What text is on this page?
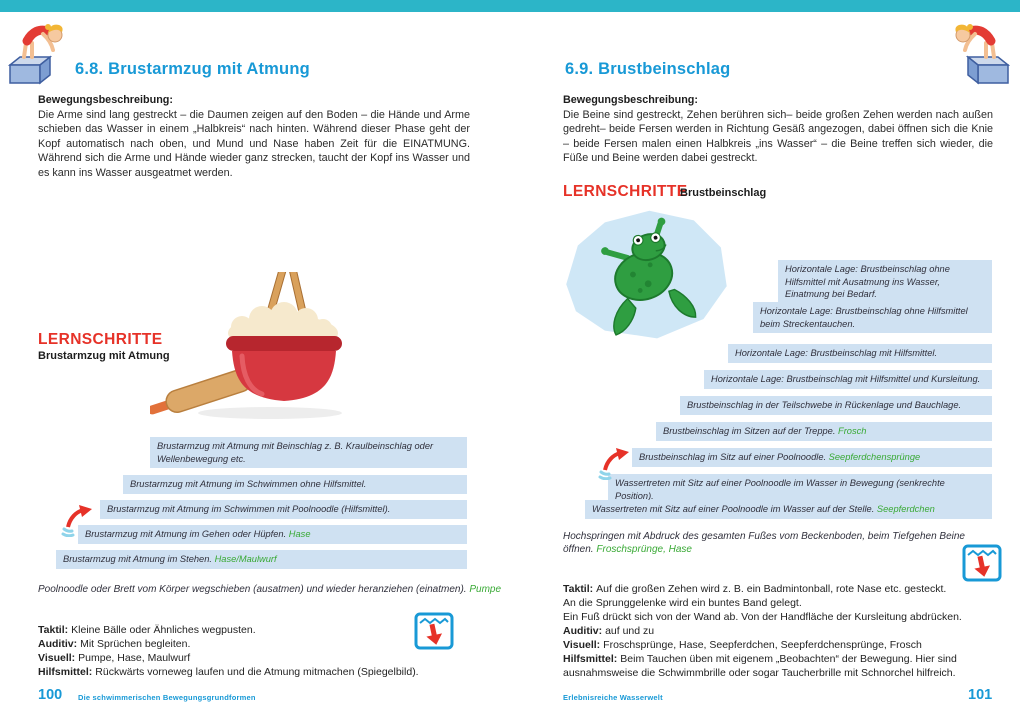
6.8. Brustarmzug mit Atmung
Bewegungsbeschreibung:
Die Arme sind lang gestreckt – die Daumen zeigen auf den Boden – die Hände und Arme schieben das Wasser in einem „Halbkreis“ nach hinten. Während dieser Phase geht der Kopf automatisch nach oben, und Mund und Nase haben Zeit für die EINATMUNG. Während sich die Arme und Hände wieder ganz strecken, taucht der Kopf ins Wasser und es kann ins Wasser ausgeatmet werden.
LERNSCHRITTE
Brustarmzug mit Atmung
Brustarmzug mit Atmung mit Beinschlag z. B. Kraulbeinschlag oder Wellenbewegung etc.
Brustarmzug mit Atmung im Schwimmen ohne Hilfsmittel.
Brustarmzug mit Atmung im Schwimmen mit Poolnoodle (Hilfsmittel).
Brustarmzug mit Atmung im Gehen oder Hüpfen. Hase
Brustarmzug mit Atmung im Stehen. Hase/Maulwurf
Poolnoodle oder Brett vom Körper wegschieben (ausatmen) und wieder heranziehen (einatmen). Pumpe
Taktil: Kleine Bälle oder Ähnliches wegpusten.
Auditiv: Mit Sprüchen begleiten.
Visuell: Pumpe, Hase, Maulwurf
Hilfsmittel: Rückwärts vorneweg laufen und die Atmung mitmachen (Spiegelbild).
100 Die schwimmerischen Bewegungsgrundformen
6.9. Brustbeinschlag
Bewegungsbeschreibung:
Die Beine sind gestreckt, Zehen berühren sich– beide großen Zehen werden nach außen gedreht– beide Fersen werden in Richtung Gesäß angezogen, dabei öffnen sich die Knie – beide Fersen malen einen Halbkreis „ins Wasser“ – die Beine treffen sich wieder, die Füße und Beine werden dabei gestreckt.
LERNSCHRITTE
Brustbeinschlag
Horizontale Lage: Brustbeinschlag ohne Hilfsmittel mit Ausatmung ins Wasser, Einatmung bei Bedarf.
Horizontale Lage: Brustbeinschlag ohne Hilfsmittel beim Streckentauchen.
Horizontale Lage: Brustbeinschlag mit Hilfsmittel.
Horizontale Lage: Brustbeinschlag mit Hilfsmittel und Kursleitung.
Brustbeinschlag in der Teilschwebe in Rückenlage und Bauchlage.
Brustbeinschlag im Sitzen auf der Treppe. Frosch
Brustbeinschlag im Sitz auf einer Poolnoodle. Seepferdchensprünge
Wassertreten mit Sitz auf einer Poolnoodle im Wasser in Bewegung (senkrechte Position).
Wassertreten mit Sitz auf einer Poolnoodle im Wasser auf der Stelle. Seepferdchen
Hochspringen mit Abdruck des gesamten Fußes vom Beckenboden, beim Tiefgehen Beine öffnen. Froschsprünge, Hase
Taktil: Auf die großen Zehen wird z. B. ein Badmintonball, rote Nase etc. gesteckt.
An die Sprunggelenke wird ein buntes Band gelegt.
Ein Fuß drückt sich von der Wand ab. Von der Handfläche der Kursleitung abdrücken.
Auditiv: auf und zu
Visuell: Froschsprünge, Hase, Seepferdchen, Seepferdchensprünge, Frosch
Hilfsmittel: Beim Tauchen üben mit eigenem „Beobachten“ der Bewegung. Hier sind ausnahmsweise die Schwimmbrille oder sogar Taucherbrille mit Schnorchel hilfreich.
Erlebnisreiche Wasserwelt	101
